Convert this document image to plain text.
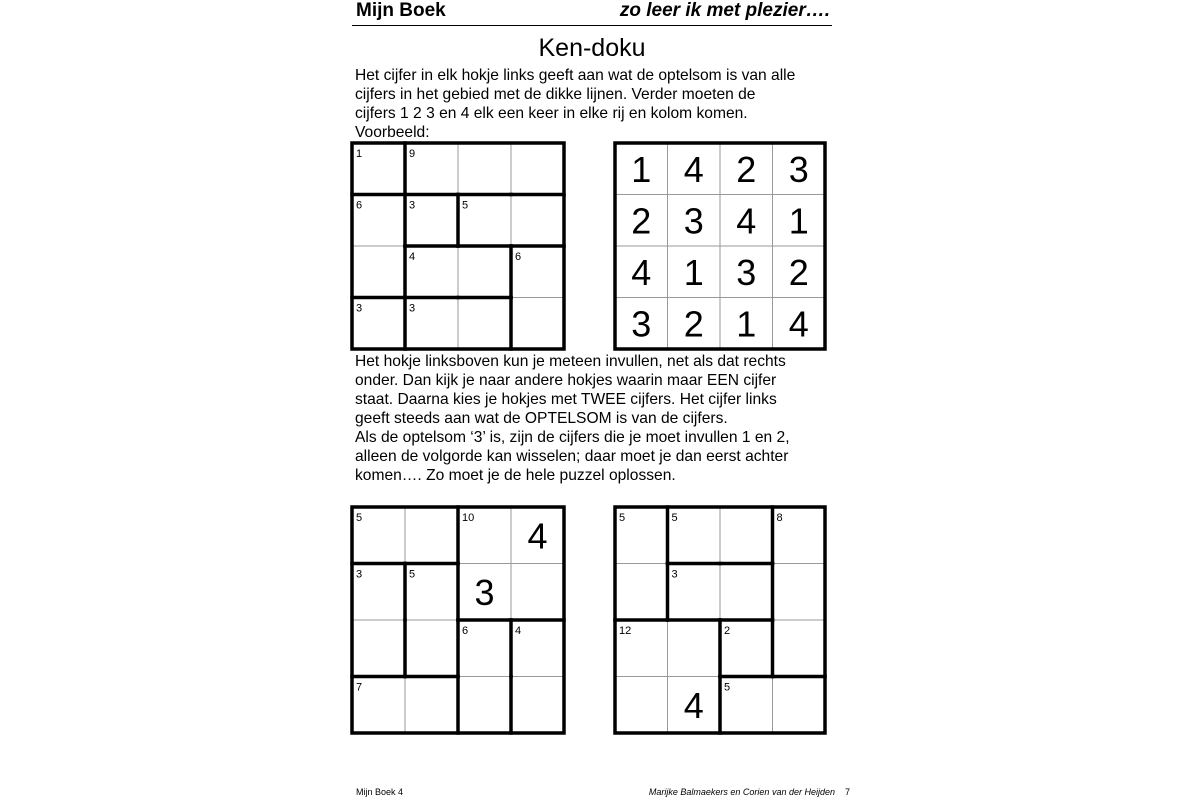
Mijn Boek	zo leer ik met plezier….
Ken-doku
Het cijfer in elk hokje links geeft aan wat de optelsom is van alle
cijfers in het gebied met de dikke lijnen. Verder moeten de
cijfers 1 2 3 en 4 elk een keer in elke rij en kolom komen.
Voorbeeld:
1	9
6	3	5
4	6
3	3
1 4 2 3
2 3 4 1
4 1 3 2
3 2 1 4
Het hokje linksboven kun je meteen invullen, net als dat rechts
onder. Dan kijk je naar andere hokjes waarin maar EEN cijfer
staat. Daarna kies je hokjes met TWEE cijfers. Het cijfer links
geeft steeds aan wat de OPTELSOM is van de cijfers.
Als de optelsom ‘3’ is, zijn de cijfers die je moet invullen 1 en 2,
alleen de volgorde kan wisselen; daar moet je dan eerst achter
komen…. Zo moet je de hele puzzel oplossen.
5	10 4
3	5 3
6	4
7
5	5	8
3
12	2
4 5
Mijn Boek 4	Marijke Balmaekers en Corien van der Heijden 7
